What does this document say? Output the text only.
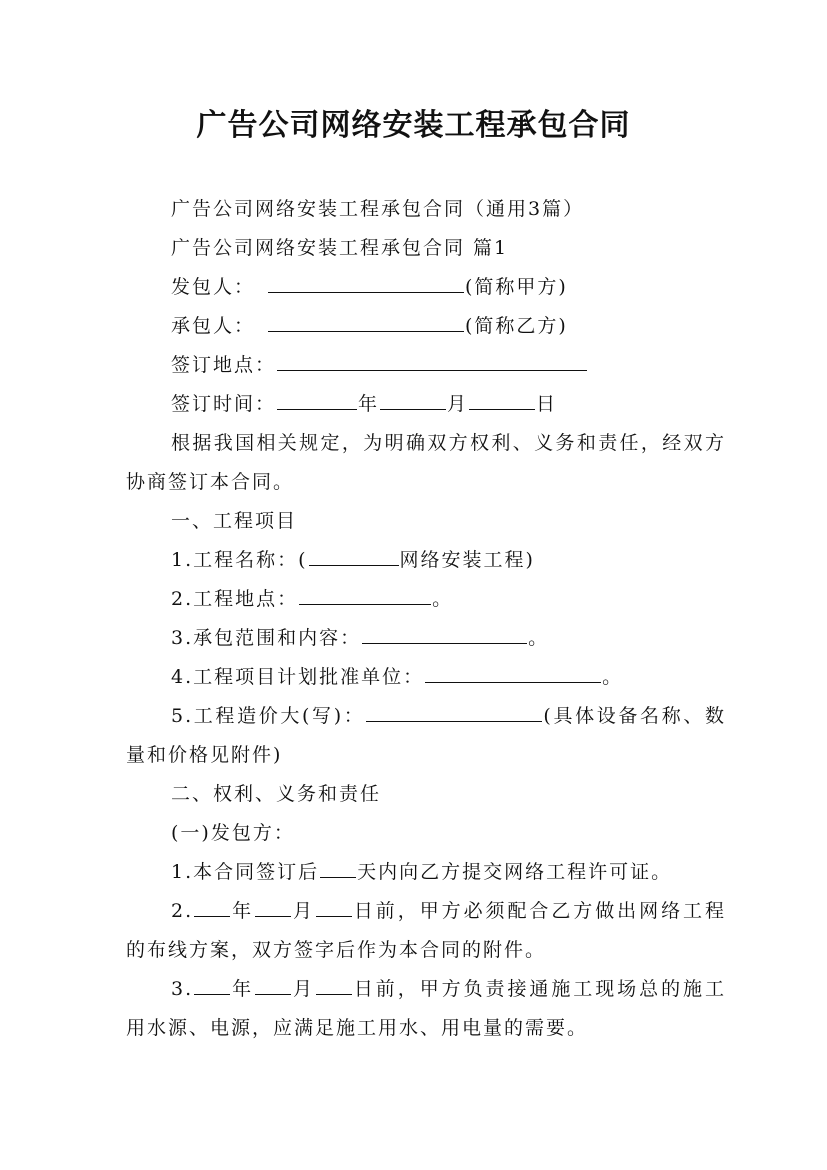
广告公司网络安装工程承包合同

广告公司网络安装工程承包合同（通用3篇）

广告公司网络安装工程承包合同 篇1

发包人：	(简称甲方)

承包人：	(简称乙方)

签订地点：

签订时间：	年	月	日

根据我国相关规定，为明确双方权利、义务和责任，经双方协商签订本合同。

一、工程项目

1.工程名称：(	网络安装工程)

2.工程地点：	。

3.承包范围和内容：	。

4.工程项目计划批准单位：	。

5.工程造价大(写)：	(具体设备名称、数量和价格见附件)

二、权利、义务和责任

(一)发包方：

1.本合同签订后 天内向乙方提交网络工程许可证。

2. 年 月 日前，甲方必须配合乙方做出网络工程的布线方案，双方签字后作为本合同的附件。

3. 年 月 日前，甲方负责接通施工现场总的施工用水源、电源，应满足施工用水、用电量的需要。
